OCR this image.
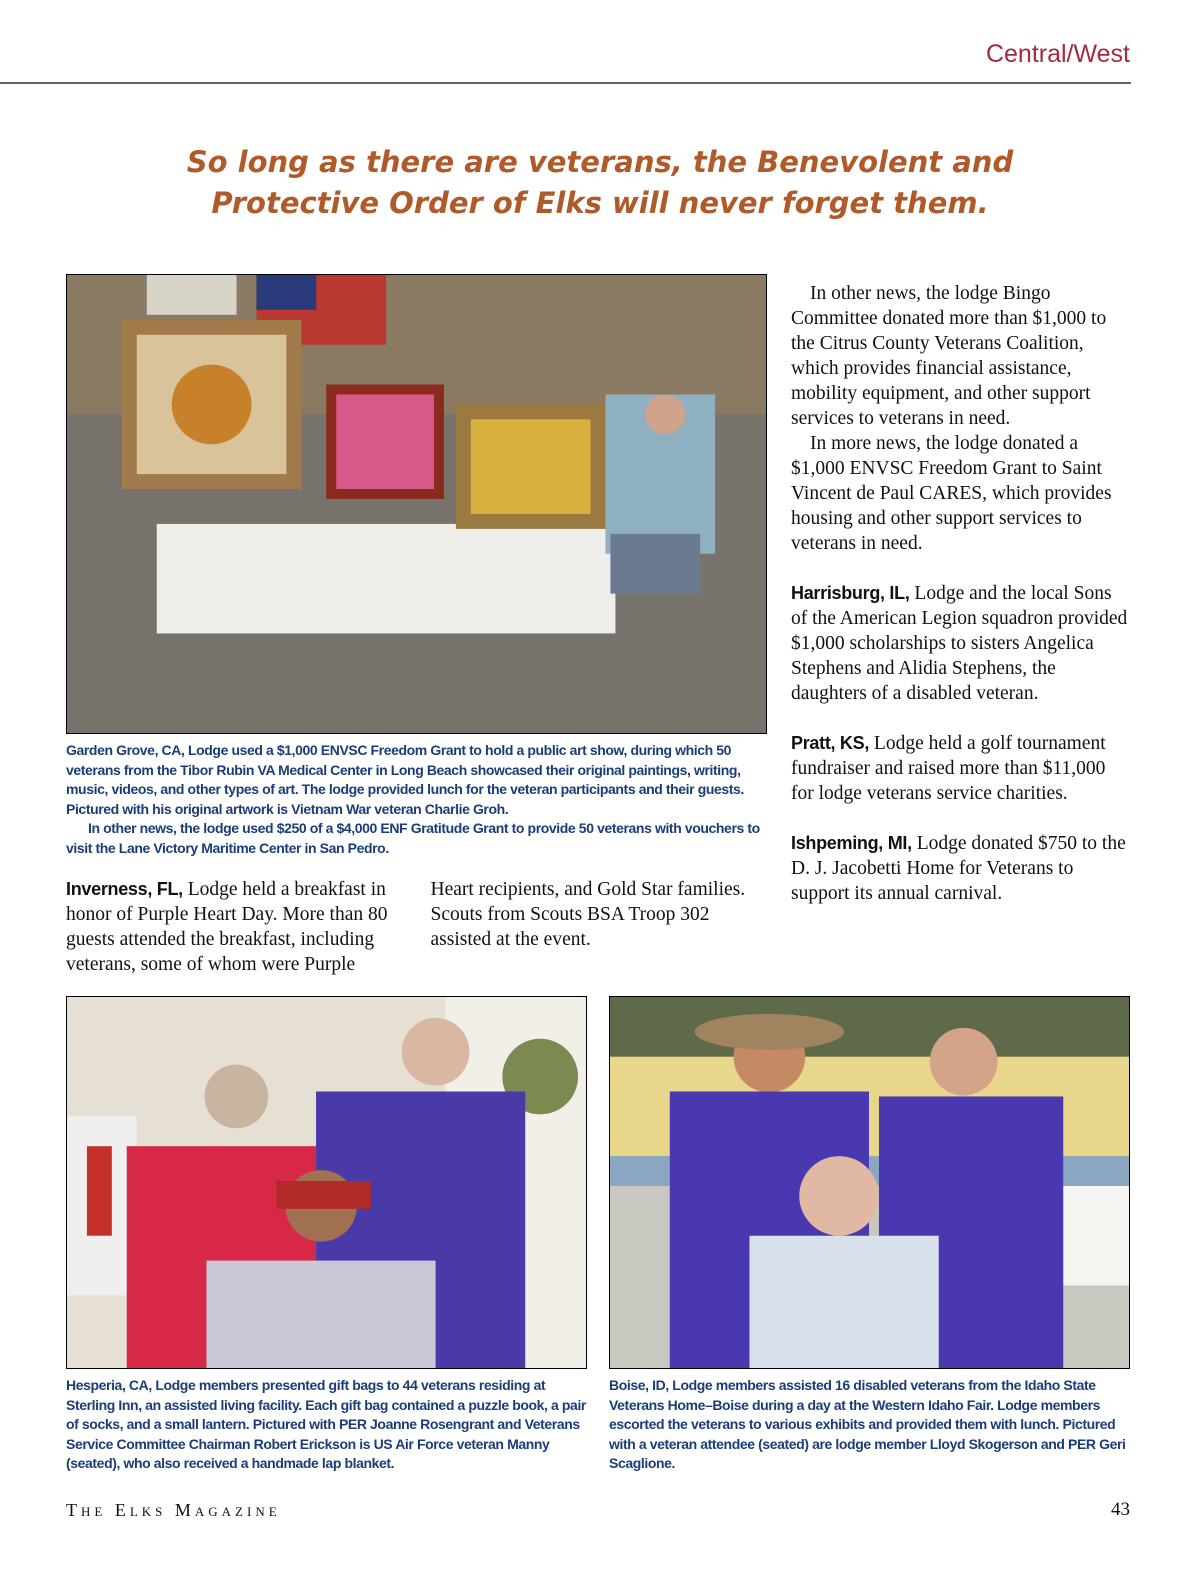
Central/West

So long as there are veterans, the Benevolent and Protective Order of Elks will never forget them.

Garden Grove, CA, Lodge used a $1,000 ENVSC Freedom Grant to hold a public art show, during which 50 veterans from the Tibor Rubin VA Medical Center in Long Beach showcased their original paintings, writing, music, videos, and other types of art. The lodge provided lunch for the veteran participants and their guests. Pictured with his original artwork is Vietnam War veteran Charlie Groh.
In other news, the lodge used $250 of a $4,000 ENF Gratitude Grant to provide 50 veterans with vouchers to visit the Lane Victory Maritime Center in San Pedro.

Inverness, FL, Lodge held a breakfast in honor of Purple Heart Day. More than 80 guests attended the breakfast, including veterans, some of whom were Purple Heart recipients, and Gold Star families. Scouts from Scouts BSA Troop 302 assisted at the event.

In other news, the lodge Bingo Committee donated more than $1,000 to the Citrus County Veterans Coalition, which provides financial assistance, mobility equipment, and other support services to veterans in need.

In more news, the lodge donated a $1,000 ENVSC Freedom Grant to Saint Vincent de Paul CARES, which provides housing and other support services to veterans in need.

Harrisburg, IL, Lodge and the local Sons of the American Legion squadron provided $1,000 scholarships to sisters Angelica Stephens and Alidia Stephens, the daughters of a disabled veteran.

Pratt, KS, Lodge held a golf tournament fundraiser and raised more than $11,000 for lodge veterans service charities.

Ishpeming, MI, Lodge donated $750 to the D. J. Jacobetti Home for Veterans to support its annual carnival.

Hesperia, CA, Lodge members presented gift bags to 44 veterans residing at Sterling Inn, an assisted living facility. Each gift bag contained a puzzle book, a pair of socks, and a small lantern. Pictured with PER Joanne Rosengrant and Veterans Service Committee Chairman Robert Erickson is US Air Force veteran Manny (seated), who also received a handmade lap blanket.

Boise, ID, Lodge members assisted 16 disabled veterans from the Idaho State Veterans Home–Boise during a day at the Western Idaho Fair. Lodge members escorted the veterans to various exhibits and provided them with lunch. Pictured with a veteran attendee (seated) are lodge member Lloyd Skogerson and PER Geri Scaglione.

The Elks Magazine	43
